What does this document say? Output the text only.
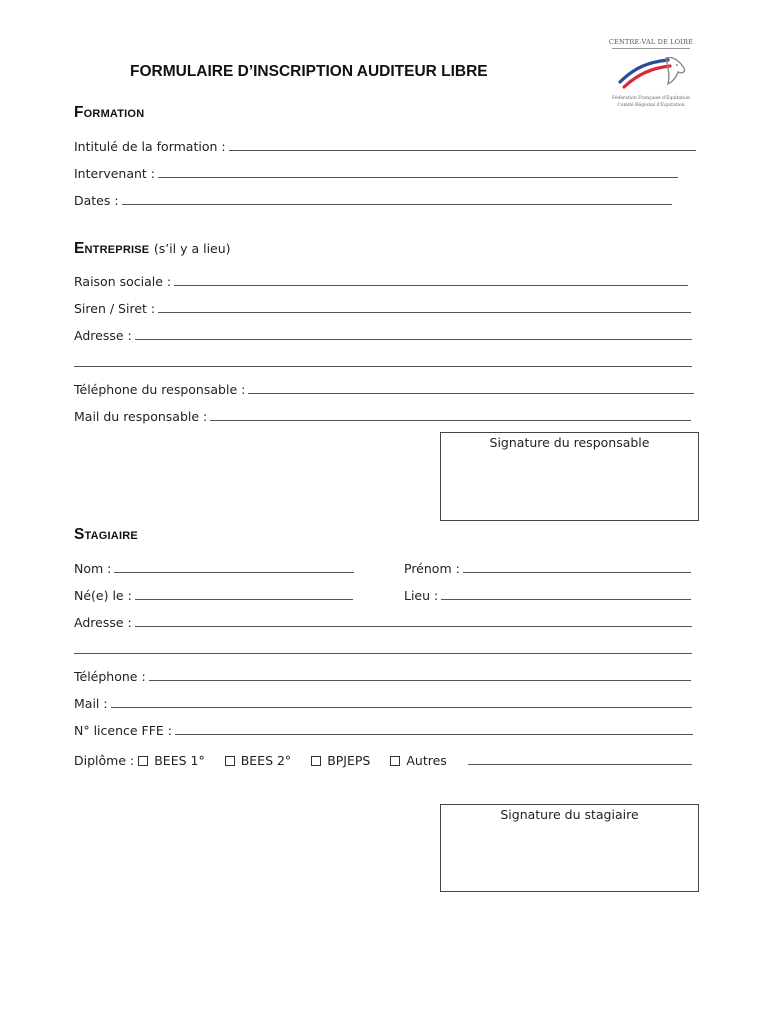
CENTRE-VAL DE LOIRE
Fédération Française d'Équitation
Comité Régional d'Équitation
FORMULAIRE D’INSCRIPTION AUDITEUR LIBRE
Formation
Intitulé de la formation :
Intervenant :
Dates :
Entreprise (s’il y a lieu)
Raison sociale :
Siren / Siret :
Adresse :
Téléphone du responsable :
Mail du responsable :
Signature du responsable
Stagiaire
Nom :	Prénom :
Né(e) le :	Lieu :
Adresse :
Téléphone :
Mail :
N° licence FFE :
Diplôme : BEES 1°	BEES 2°	BPJEPS	Autres
Signature du stagiaire
